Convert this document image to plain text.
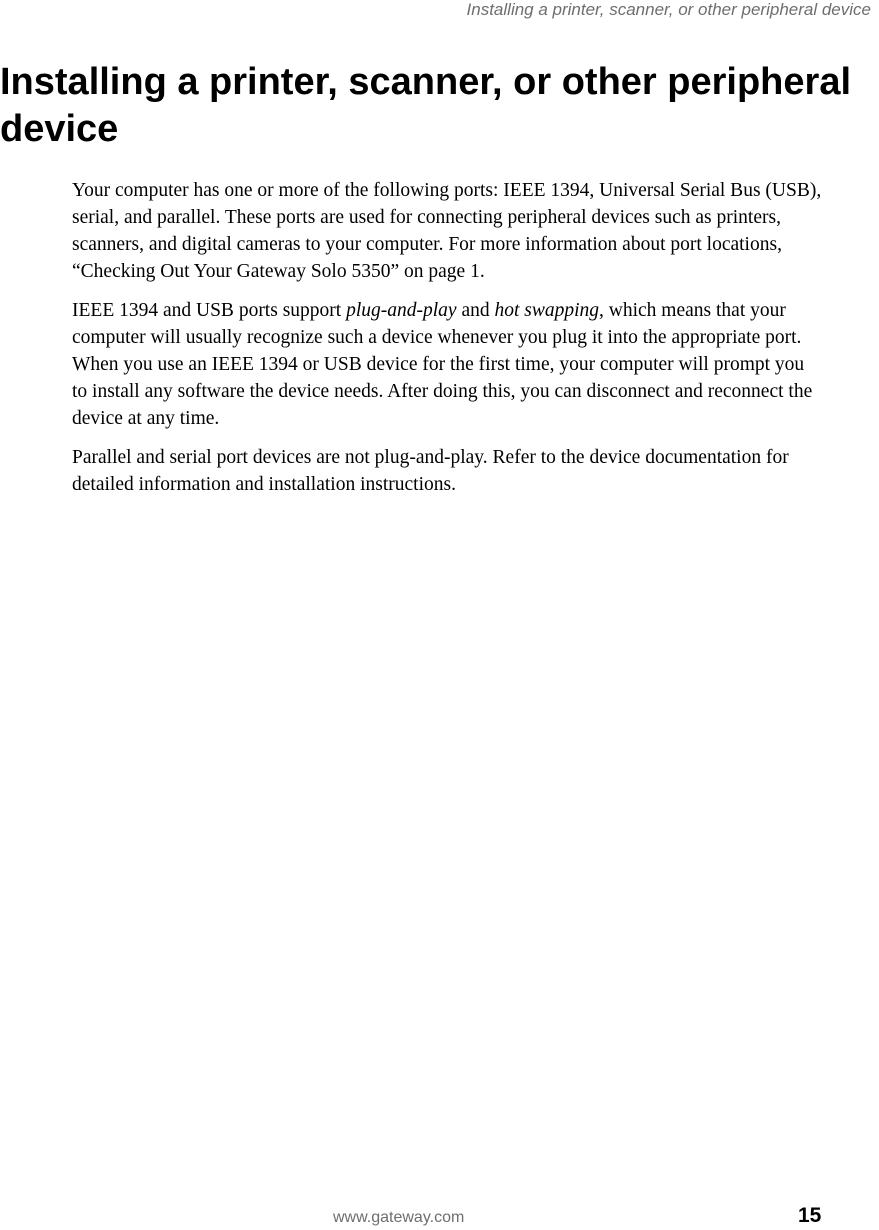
Installing a printer, scanner, or other peripheral device
Installing a printer, scanner, or other peripheral device

Your computer has one or more of the following ports: IEEE 1394, Universal Serial Bus (USB), serial, and parallel. These ports are used for connecting peripheral devices such as printers, scanners, and digital cameras to your computer. For more information about port locations, “Checking Out Your Gateway Solo 5350” on page 1.

IEEE 1394 and USB ports support plug-and-play and hot swapping, which means that your computer will usually recognize such a device whenever you plug it into the appropriate port. When you use an IEEE 1394 or USB device for the first time, your computer will prompt you to install any software the device needs. After doing this, you can disconnect and reconnect the device at any time.

Parallel and serial port devices are not plug-and-play. Refer to the device documentation for detailed information and installation instructions.

www.gateway.com	15
